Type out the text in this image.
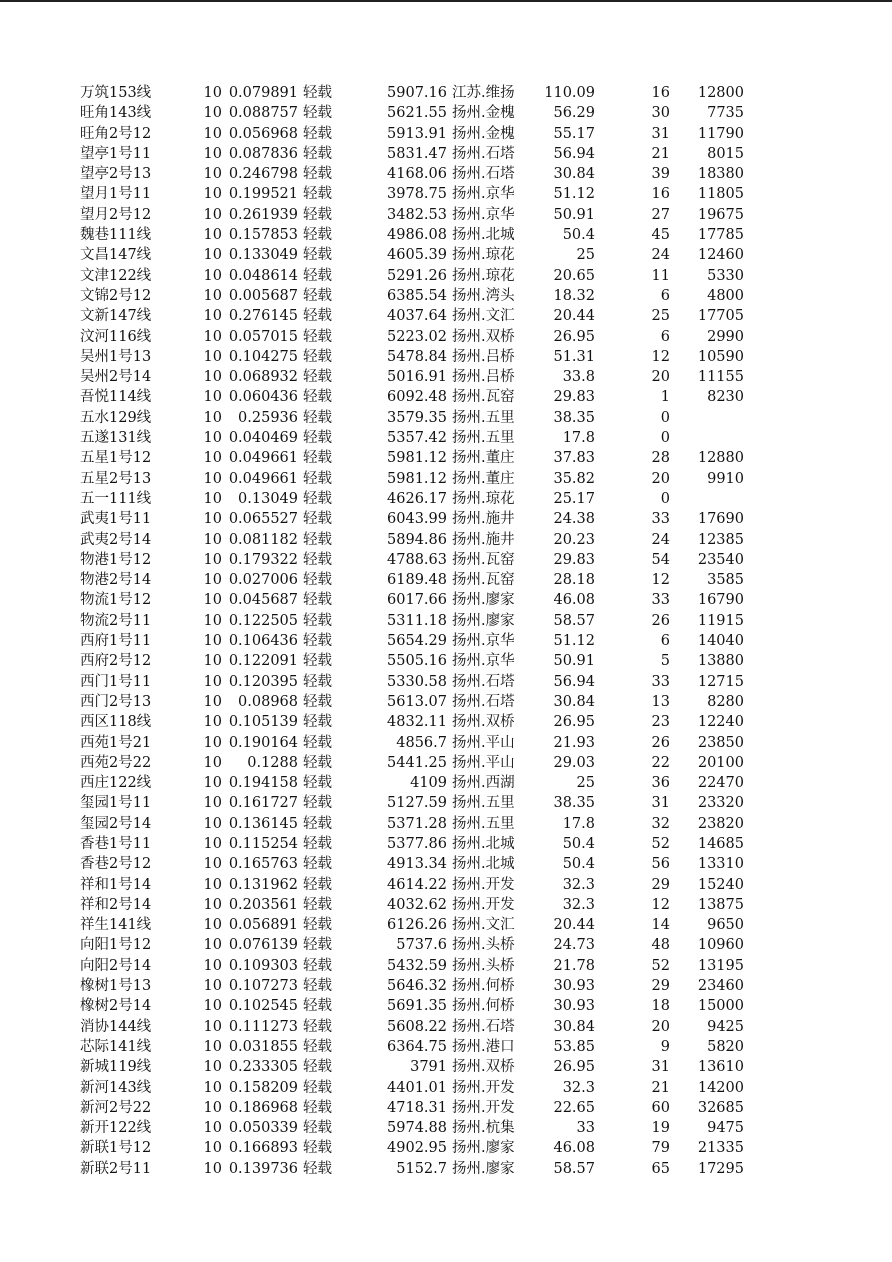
万筑153线	10 0.079891 轻载	5907.16 江苏.维扬	110.09	16	12800
旺角143线	10 0.088757 轻载	5621.55 扬州.金槐	56.29	30	7735
旺角2号12	10 0.056968 轻载	5913.91 扬州.金槐	55.17	31	11790
望亭1号11	10 0.087836 轻载	5831.47 扬州.石塔	56.94	21	8015
望亭2号13	10 0.246798 轻载	4168.06 扬州.石塔	30.84	39	18380
望月1号11	10 0.199521 轻载	3978.75 扬州.京华	51.12	16	11805
望月2号12	10 0.261939 轻载	3482.53 扬州.京华	50.91	27	19675
魏巷111线	10 0.157853 轻载	4986.08 扬州.北城	50.4	45	17785
文昌147线	10 0.133049 轻载	4605.39 扬州.琼花	25	24	12460
文津122线	10 0.048614 轻载	5291.26 扬州.琼花	20.65	11	5330
文锦2号12	10 0.005687 轻载	6385.54 扬州.湾头	18.32	6	4800
文新147线	10 0.276145 轻载	4037.64 扬州.文汇	20.44	25	17705
汶河116线	10 0.057015 轻载	5223.02 扬州.双桥	26.95	6	2990
吴州1号13	10 0.104275 轻载	5478.84 扬州.吕桥	51.31	12	10590
吴州2号14	10 0.068932 轻载	5016.91 扬州.吕桥	33.8	20	11155
吾悦114线	10 0.060436 轻载	6092.48 扬州.瓦窑	29.83	1	8230
五水129线	10	0.25936 轻载	3579.35 扬州.五里	38.35	0
五遂131线	10 0.040469 轻载	5357.42 扬州.五里	17.8	0
五星1号12	10 0.049661 轻载	5981.12 扬州.董庄	37.83	28	12880
五星2号13	10 0.049661 轻载	5981.12 扬州.董庄	35.82	20	9910
五一111线	10	0.13049 轻载	4626.17 扬州.琼花	25.17	0
武夷1号11	10 0.065527 轻载	6043.99 扬州.施井	24.38	33	17690
武夷2号14	10 0.081182 轻载	5894.86 扬州.施井	20.23	24	12385
物港1号12	10 0.179322 轻载	4788.63 扬州.瓦窑	29.83	54	23540
物港2号14	10 0.027006 轻载	6189.48 扬州.瓦窑	28.18	12	3585
物流1号12	10 0.045687 轻载	6017.66 扬州.廖家	46.08	33	16790
物流2号11	10 0.122505 轻载	5311.18 扬州.廖家	58.57	26	11915
西府1号11	10 0.106436 轻载	5654.29 扬州.京华	51.12	6	14040
西府2号12	10 0.122091 轻载	5505.16 扬州.京华	50.91	5	13880
西门1号11	10 0.120395 轻载	5330.58 扬州.石塔	56.94	33	12715
西门2号13	10	0.08968 轻载	5613.07 扬州.石塔	30.84	13	8280
西区118线	10 0.105139 轻载	4832.11 扬州.双桥	26.95	23	12240
西苑1号21	10 0.190164 轻载	4856.7 扬州.平山	21.93	26	23850
西苑2号22	10	0.1288 轻载	5441.25 扬州.平山	29.03	22	20100
西庄122线	10 0.194158 轻载	4109 扬州.西湖	25	36	22470
玺园1号11	10 0.161727 轻载	5127.59 扬州.五里	38.35	31	23320
玺园2号14	10 0.136145 轻载	5371.28 扬州.五里	17.8	32	23820
香巷1号11	10 0.115254 轻载	5377.86 扬州.北城	50.4	52	14685
香巷2号12	10 0.165763 轻载	4913.34 扬州.北城	50.4	56	13310
祥和1号14	10 0.131962 轻载	4614.22 扬州.开发	32.3	29	15240
祥和2号14	10 0.203561 轻载	4032.62 扬州.开发	32.3	12	13875
祥生141线	10 0.056891 轻载	6126.26 扬州.文汇	20.44	14	9650
向阳1号12	10 0.076139 轻载	5737.6 扬州.头桥	24.73	48	10960
向阳2号14	10 0.109303 轻载	5432.59 扬州.头桥	21.78	52	13195
橡树1号13	10 0.107273 轻载	5646.32 扬州.何桥	30.93	29	23460
橡树2号14	10 0.102545 轻载	5691.35 扬州.何桥	30.93	18	15000
消协144线	10 0.111273 轻载	5608.22 扬州.石塔	30.84	20	9425
芯际141线	10 0.031855 轻载	6364.75 扬州.港口	53.85	9	5820
新城119线	10 0.233305 轻载	3791 扬州.双桥	26.95	31	13610
新河143线	10 0.158209 轻载	4401.01 扬州.开发	32.3	21	14200
新河2号22	10 0.186968 轻载	4718.31 扬州.开发	22.65	60	32685
新开122线	10 0.050339 轻载	5974.88 扬州.杭集	33	19	9475
新联1号12	10 0.166893 轻载	4902.95 扬州.廖家	46.08	79	21335
新联2号11	10 0.139736 轻载	5152.7 扬州.廖家	58.57	65	17295
